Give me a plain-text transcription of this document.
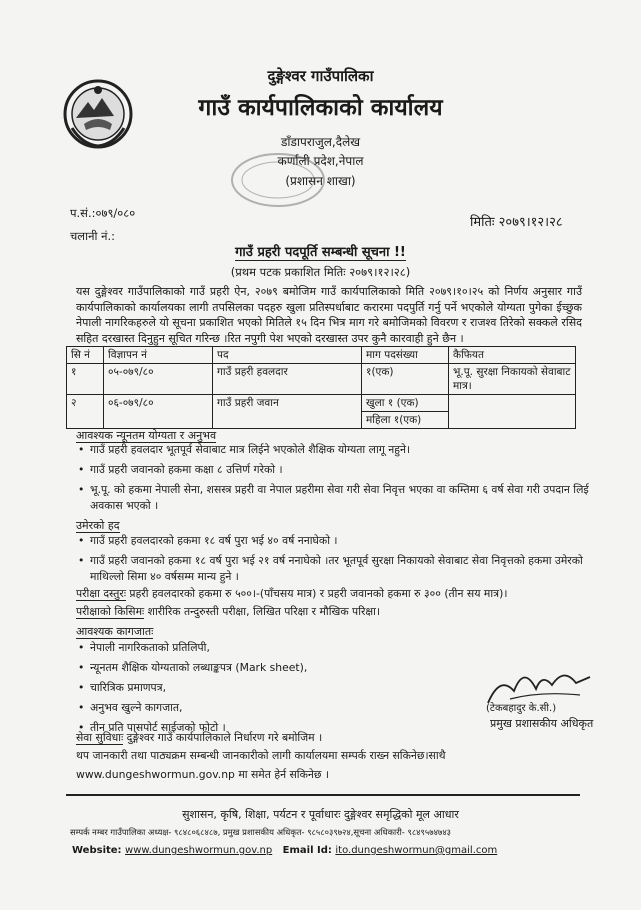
दुङ्गेश्वर गाउँपालिका
गाउँ कार्यपालिकाको कार्यालय
डाँडापराजुल,दैलेख
कर्णाली प्रदेश,नेपाल
(प्रशासन शाखा)
प.सं.:०७९/०८०
चलानी नं.:
मितिः २०७९।१२।२८
गाउँ प्रहरी पदपूर्ति सम्बन्धी सूचना !!
(प्रथम पटक प्रकाशित मितिः २०७९।१२।२८)
यस दुङ्गेश्वर गाउँपालिकाको गाउँ प्रहरी ऐन, २०७९ बमोजिम गाउँ कार्यपालिकाको मिति २०७९।१०।२५ को निर्णय अनुसार गाउँ कार्यपालिकाको कार्यालयका लागी तपसिलका पदहरु खुला प्रतिस्पर्धाबाट करारमा पदपुर्ति गर्नु पर्ने भएकोले योग्यता पुगेका ईच्छुक नेपाली नागरिकहरुले यो सूचना प्रकाशित भएको मितिले १५ दिन भित्र माग गरे बमोजिमको विवरण र राजश्व तिरेको सक्कले रसिद सहित दरखास्त दिनुहुन सूचित गरिन्छ ।रित नपुगी पेश भएको दरखास्त उपर कुनै कारवाही हुने छैन ।
सि नं	विज्ञापन नं	पद	माग पदसंख्या	कैफियत
१	०५-०७९/८०	गाउँ प्रहरी हवलदार	१(एक)	भू.पू. सुरक्षा निकायको सेवाबाट मात्र।
२	०६-०७९/८०	गाउँ प्रहरी जवान	खुला १ (एक)	
			महिला १(एक)	
आवश्यक न्यूनतम योग्यता र अनुभव
• गाउँ प्रहरी हवलदार भूतपूर्व सेवाबाट मात्र लिईने भएकोले शैक्षिक योग्यता लागू नहुने।
• गाउँ प्रहरी जवानको हकमा कक्षा ८ उत्तिर्ण गरेको ।
• भू.पू. को हकमा नेपाली सेना, शसस्त्र प्रहरी वा नेपाल प्रहरीमा सेवा गरी सेवा निवृत्त भएका वा कम्तिमा ६ वर्ष सेवा गरी उपदान लिई अवकास भएको ।
उमेरको हद
• गाउँ प्रहरी हवलदारको हकमा १८ वर्ष पुरा भई ४० वर्ष ननाघेको ।
• गाउँ प्रहरी जवानको हकमा १८ वर्ष पुरा भई २१ वर्ष ननाघेको ।तर भूतपूर्व सुरक्षा निकायको सेवाबाट सेवा निवृत्तको हकमा उमेरको माथिल्लो सिमा ४० वर्षसम्म मान्य हुने ।
परीक्षा दस्तुरः प्रहरी हवलदारको हकमा रु ५००।-(पाँचसय मात्र) र प्रहरी जवानको हकमा रु ३०० (तीन सय मात्र)।
परीक्षाको किसिमः शारीरिक तन्दुरुस्ती परीक्षा, लिखित परिक्षा र मौखिक परिक्षा।
आवश्यक कागजातः
• नेपाली नागरिकताको प्रतिलिपी,
• न्यूनतम शैक्षिक योग्यताको लब्धाङ्कपत्र (Mark sheet),
• चारित्रिक प्रमाणपत्र,
• अनुभव खुल्ने कागजात,
• तीन प्रति पासपोर्ट साईजको फोटो ।
(टेकबहादुर के.सी.)
प्रमुख प्रशासकीय अधिकृत
सेवा सुविधाः दुङ्गेश्वर गाउँ कार्यपालिकाले निर्धारण गरे बमोजिम ।
थप जानकारी तथा पाठ्यक्रम सम्बन्धी जानकारीको लागी कार्यालयमा सम्पर्क राख्न सकिनेछ।साथै
www.dungeshwormun.gov.np मा समेत हेर्न सकिनेछ ।
सुशासन, कृषि, शिक्षा, पर्यटन र पूर्वाधारः दुङ्गेश्वर समृद्धिको मूल आधार
सम्पर्क नम्बर गाउँपालिका अध्यक्ष- ९८४८०६८४८७, प्रमुख प्रशासकीय अधिकृत- ९८५८०३९७२४,सूचना अधिकारी- ९८४९५७४७४३
Website: www.dungeshwormun.gov.np Email Id: ito.dungeshwormun@gmail.com
